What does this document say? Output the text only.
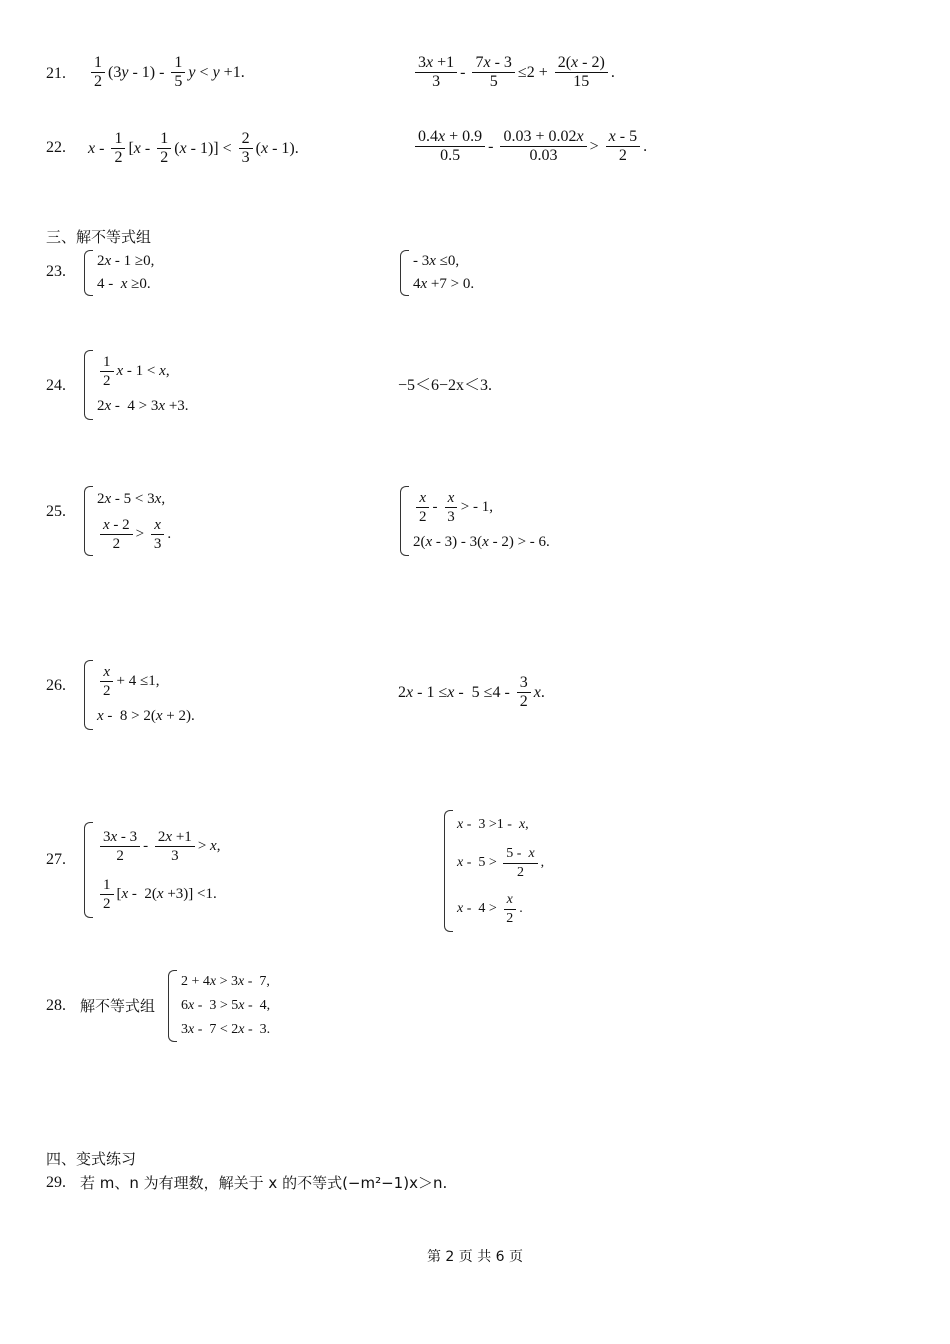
21. $\frac{1}{2} (3$ y - $1) - \frac{1}{5}$ y < y +1.	$\frac{3x +1}{3} - \frac{7x - 3}{5} \le 2 + \frac{2(x - 2)}{15}$ .
22. x - $\frac{1}{2}$ [ x - $\frac{1}{2}$ ( $x - 1)] < \frac{2}{3}$ ( x - 1).	$\frac{0.4x + 0.9}{0.5} - \frac{0.03 + 0.02x}{0.03} > \frac{x - 5}{2}$ .
三、解不等式组
23.
2 x - 1 ≥0,
4 - x ≥0.
- 3 x ≤0,
4 x +7 > 0.
24. $\frac{1}{2}$ x - 1 < x ,
2 x -  4 > 3 x +3.
−5＜6−2x＜3.
25.
2 x - 5 < 3 x ,
$\frac{x - 2}{2} > \frac{x}{3}$ .
$\frac{x}{2} - \frac{x}{3}$ > - 1,
2( x - 3) - 3( x - 2) > - 6.
26. $\frac{x}{2} + 4 \le 1$,
x -  8 > 2( x + 2).
2 $x - 1 \le x - 5 \le 4 - \frac{3}{2}$ x .
27. $\frac{3x - 3}{2} - \frac{2x +1}{3} > x$ ,
$\frac{1}{2}$ [ x -  2( x +3)] <1.
x -  3 >1 - x ,
$x - 5 > \frac{5 - x}{2}$ ,
$x - 4 > \frac{x}{2}$ .
28. 解不等式组
2 + 4 x > 3 x -  7,
6 x -  3 > 5 x -  4,
3 x -  7 < 2 x -  3.
四、变式练习
29. 若 m、n 为有理数，解关于 x 的不等式(−m²−1)x＞n.
第 2 页 共 6 页
